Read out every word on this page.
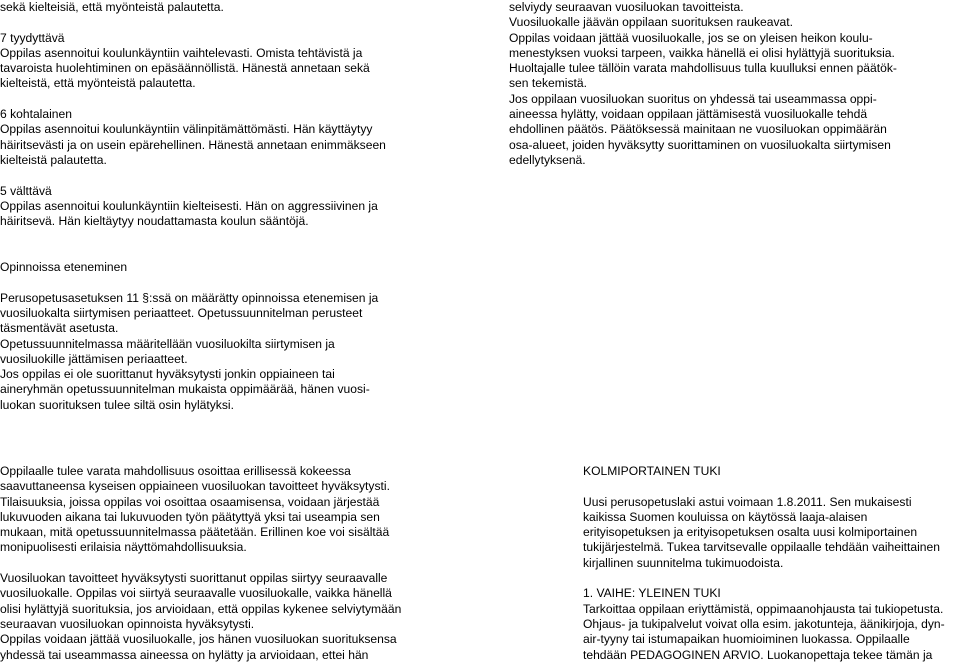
sekä kielteisiä, että myönteistä palautetta.

7 tyydyttävä

Oppilas asennoitui koulunkäyntiin vaihtelevasti. Omista tehtävistä ja
tavaroista huolehtiminen on epäsäännöllistä. Hänestä annetaan sekä
kielteistä, että myönteistä palautetta.

6 kohtalainen

Oppilas asennoitui koulunkäyntiin välinpitämättömästi. Hän käyttäytyy
häiritsevästi ja on usein epärehellinen. Hänestä annetaan enimmäkseen
kielteistä palautetta.

5 välttävä

Oppilas asennoitui koulunkäyntiin kielteisesti. Hän on aggressiivinen ja
häiritsevä. Hän kieltäytyy noudattamasta koulun sääntöjä.

Opinnoissa eteneminen

Perusopetusasetuksen 11 §:ssä on määrätty opinnoissa etenemisen ja
vuosiluokalta siirtymisen periaatteet. Opetussuunnitelman perusteet
täsmentävät asetusta.
Opetussuunnitelmassa määritellään vuosiluokilta siirtymisen ja
vuosiluokille jättämisen periaatteet.
Jos oppilas ei ole suorittanut hyväksytysti jonkin oppiaineen tai
aineryhmän opetussuunnitelman mukaista oppimäärää, hänen vuosi-
luokan suorituksen tulee siltä osin hylätyksi.

selviydy seuraavan vuosiluokan tavoitteista.
Vuosiluokalle jäävän oppilaan suorituksen raukeavat.
Oppilas voidaan jättää vuosiluokalle, jos se on yleisen heikon koulu-
menestyksen vuoksi tarpeen, vaikka hänellä ei olisi hylättyjä suorituksia.
Huoltajalle tulee tällöin varata mahdollisuus tulla kuulluksi ennen päätök-
sen tekemistä.
Jos oppilaan vuosiluokan suoritus on yhdessä tai useammassa oppi-
aineessa hylätty, voidaan oppilaan jättämisestä vuosiluokalle tehdä
ehdollinen päätös. Päätöksessä mainitaan ne vuosiluokan oppimäärän
osa-alueet, joiden hyväksytty suorittaminen on vuosiluokalta siirtymisen
edellytyksenä.

Oppilaalle tulee varata mahdollisuus osoittaa erillisessä kokeessa
saavuttaneensa kyseisen oppiaineen vuosiluokan tavoitteet hyväksytysti.
Tilaisuuksia, joissa oppilas voi osoittaa osaamisensa, voidaan järjestää
lukuvuoden aikana tai lukuvuoden työn päätyttyä yksi tai useampia sen
mukaan, mitä opetussuunnitelmassa päätetään. Erillinen koe voi sisältää
monipuolisesti erilaisia näyttömahdollisuuksia.

Vuosiluokan tavoitteet hyväksytysti suorittanut oppilas siirtyy seuraavalle
vuosiluokalle. Oppilas voi siirtyä seuraavalle vuosiluokalle, vaikka hänellä
olisi hylättyjä suorituksia, jos arvioidaan, että oppilas kykenee selviytymään
seuraavan vuosiluokan opinnoista hyväksytysti.
Oppilas voidaan jättää vuosiluokalle, jos hänen vuosiluokan suorituksensa
yhdessä tai useammassa aineessa on hylätty ja arvioidaan, ettei hän

KOLMIPORTAINEN TUKI

Uusi perusopetuslaki astui voimaan 1.8.2011. Sen mukaisesti
kaikissa Suomen kouluissa on käytössä laaja-alaisen
erityisopetuksen ja erityisopetuksen osalta uusi kolmiportainen
tukijärjestelmä. Tukea tarvitsevalle oppilaalle tehdään vaiheittainen
kirjallinen suunnitelma tukimuodoista.

1. VAIHE: YLEINEN TUKI

Tarkoittaa oppilaan eriyttämistä, oppimaanohjausta tai tukiopetusta.
Ohjaus- ja tukipalvelut voivat olla esim. jakotunteja, äänikirjoja, dyn-
air-tyyny tai istumapaikan huomioiminen luokassa. Oppilaalle
tehdään PEDAGOGINEN ARVIO. Luokanopettaja tekee tämän ja
